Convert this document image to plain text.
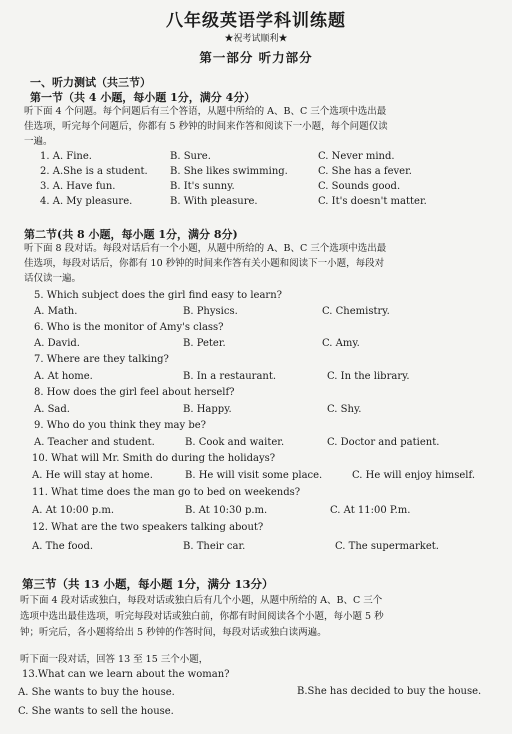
八年级英语学科训练题
★祝考试顺利★
第一部分 听力部分
一、听力测试（共三节）
第一节（共 4 小题，每小题 1分，满分 4分）
听下面 4 个问题。每个问题后有三个答语，从题中所给的 A、B、C 三个选项中选出最
佳选项，听完每个问题后，你都有 5 秒钟的时间来作答和阅读下一小题，每个问题仅读
一遍。
1. A. Fine.	B. Sure.	C. Never mind.
2. A.She is a student. B. She likes swimming.	C. She has a fever.
3. A. Have fun.	B. It's sunny.	C. Sounds good.
4. A. My pleasure.	B. With pleasure.	C. It's doesn't matter.
第二节(共 8 小题，每小题 1分，满分 8分)
听下面 8 段对话。每段对话后有一个小题，从题中所给的 A、B、C 三个选项中选出最
佳选项，每段对话后，你都有 10 秒钟的时间来作答有关小题和阅读下一小题，每段对
话仅读一遍。
5. Which subject does the girl find easy to learn?
A. Math.	B. Physics.	C. Chemistry.
6. Who is the monitor of Amy's class?
A. David.	B. Peter.	C. Amy.
7. Where are they talking?
A. At home.	B. In a restaurant.	C. In the library.
8. How does the girl feel about herself?
A. Sad.	B. Happy.	C. Shy.
9. Who do you think they may be?
A. Teacher and student.	B. Cook and waiter.	C. Doctor and patient.
10. What will Mr. Smith do during the holidays?
A. He will stay at home.	B. He will visit some place.	C. He will enjoy himself.
11. What time does the man go to bed on weekends?
A. At 10:00 p.m.	B. At 10:30 p.m.	C. At 11:00 P.m.
12. What are the two speakers talking about?
A. The food.	B. Their car.	C. The supermarket.
第三节（共 13 小题，每小题 1分，满分 13分）
听下面 4 段对话或独白，每段对话或独白后有几个小题，从题中所给的 A、B、C 三个
选项中选出最佳选项，听完每段对话或独白前，你都有时间阅读各个小题，每小题 5 秒
钟；听完后，各小题将给出 5 秒钟的作答时间，每段对话或独白读两遍。
听下面一段对话，回答 13 至 15 三个小题，
13.What can we learn about the woman?
A. She wants to buy the house.	B.She has decided to buy the house.
C. She wants to sell the house.
